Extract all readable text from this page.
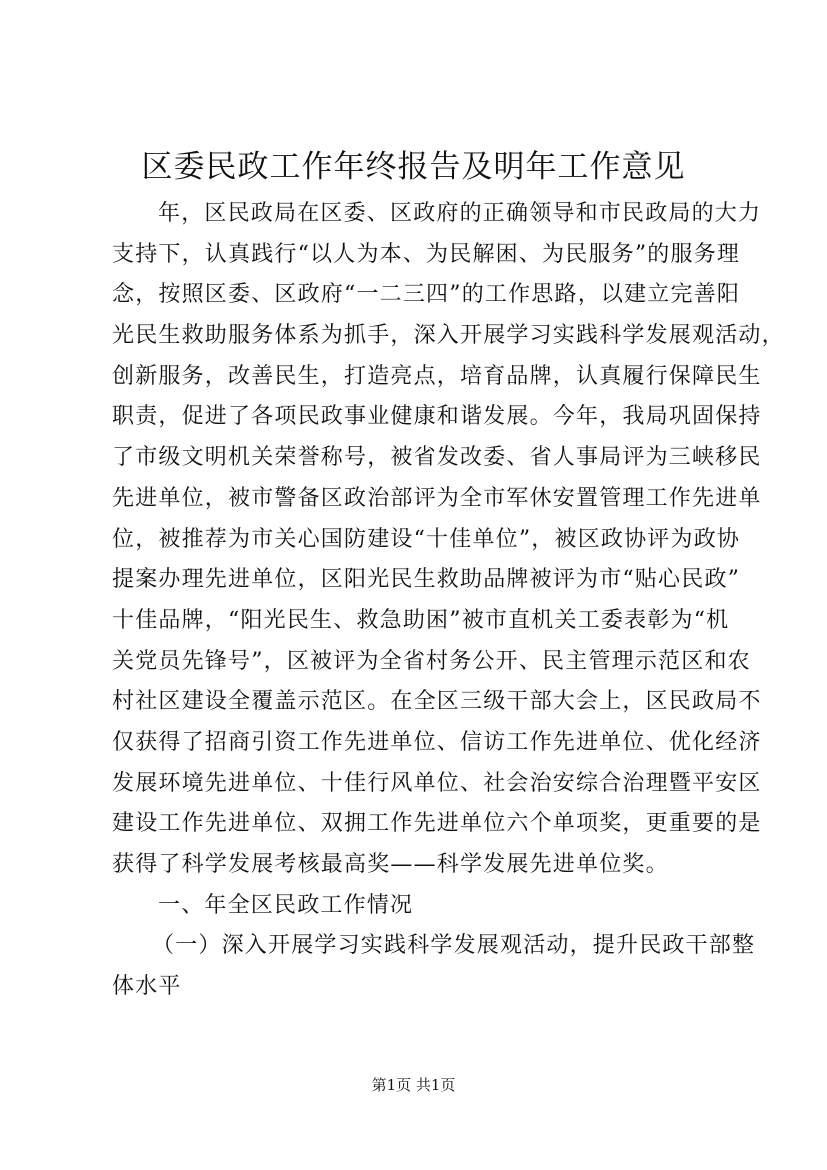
区委民政工作年终报告及明年工作意见
年，区民政局在区委、区政府的正确领导和市民政局的大力
支持下，认真践行“以人为本、为民解困、为民服务”的服务理
念，按照区委、区政府“一二三四”的工作思路，以建立完善阳
光民生救助服务体系为抓手，深入开展学习实践科学发展观活动，
创新服务，改善民生，打造亮点，培育品牌，认真履行保障民生
职责，促进了各项民政事业健康和谐发展。今年，我局巩固保持
了市级文明机关荣誉称号，被省发改委、省人事局评为三峡移民
先进单位，被市警备区政治部评为全市军休安置管理工作先进单
位，被推荐为市关心国防建设“十佳单位”，被区政协评为政协
提案办理先进单位，区阳光民生救助品牌被评为市“贴心民政”
十佳品牌，“阳光民生、救急助困”被市直机关工委表彰为“机
关党员先锋号”，区被评为全省村务公开、民主管理示范区和农
村社区建设全覆盖示范区。在全区三级干部大会上，区民政局不
仅获得了招商引资工作先进单位、信访工作先进单位、优化经济
发展环境先进单位、十佳行风单位、社会治安综合治理暨平安区
建设工作先进单位、双拥工作先进单位六个单项奖，更重要的是
获得了科学发展考核最高奖——科学发展先进单位奖。
一、年全区民政工作情况
（一）深入开展学习实践科学发展观活动，提升民政干部整
体水平
第1页 共1页
